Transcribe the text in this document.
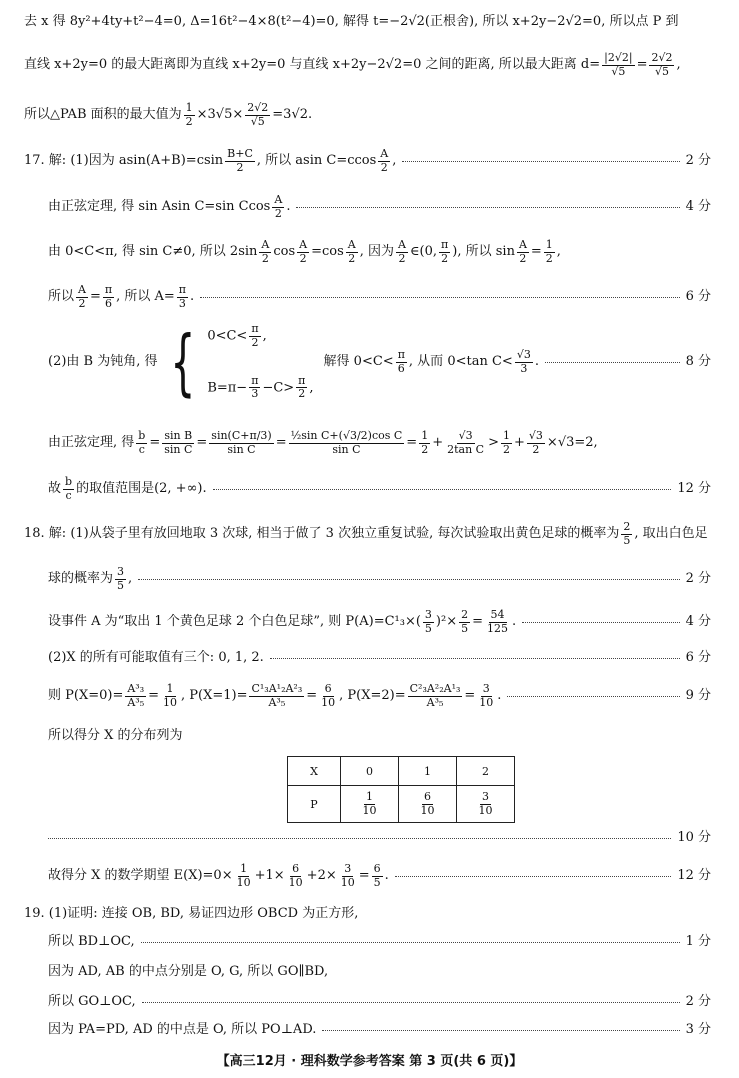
去 x 得 8y²+4ty+t²−4=0, Δ=16t²−4×8(t²−4)=0, 解得 t=−2√2(正根舍), 所以 x+2y−2√2=0, 所以点 P 到
直线 x+2y=0 的最大距离即为直线 x+2y=0 与直线 x+2y−2√2=0 之间的距离, 所以最大距离 $d= \frac{|2√2|}{√5} = \frac{2√2}{√5}$ ,
所以△PAB 面积的最大值为 $\frac{1}{2} \times 3√5\times \frac{2√2}{√5} =3√2$.
17. 解: (1)因为 $asin(A+B)=csin \frac{B+C}{2}$ , 所以 asin $C=ccos \frac{A}{2}$ ,	2 分
由正弦定理, 得 sin Asin C=sin Ccos $\frac{A}{2}$ .	4 分
由 0<C<π, 得 sin C≠0, 所以 $2\sin \frac{A}{2}$ $\cos \frac{A}{2} =\cos \frac{A}{2}$ , 因为 $\frac{A}{2}$ ∈(0, $\frac{\pi}{2}$ ), 所以 $\sin \frac{A}{2} = \frac{1}{2}$ ,
所以 $\frac{A}{2} = \frac{\pi}{6}$ , 所以 $A= \frac{\pi}{3}$ .	6 分
(2)由 B 为钝角, 得 { $0<C< \frac{\pi}{2}$ ,
$B=\pi- \frac{\pi}{3} -C> \frac{\pi}{2}$ ,
解得 $0<C< \frac{\pi}{6}$ , 从而 0<tan $C< \frac{√3}{3}$ .	8 分
由正弦定理, 得 $\frac{b}{c} = \frac{\text{sin B}}{\text{sin C}} = \frac{\sin(C+\pi/3)}{\text{sin C}} = \frac{\text{½sin C+(√3/2)cos C}}{\text{sin C}} = \frac{1}{2} + \frac{√3}{\text{2tan C}} > \frac{1}{2} + \frac{√3}{2} \times√3=2$,
故 $\frac{b}{c}$ 的取值范围是(2, +∞).	12 分
18. 解: (1)从袋子里有放回地取 3 次球, 相当于做了 3 次独立重复试验, 每次试验取出黄色足球的概率为 $\frac{2}{5}$ , 取出白色足
球的概率为 $\frac{3}{5}$ ,	2 分
设事件 A 为“取出 1 个黄色足球 2 个白色足球”, 则 $P(A)=C^1_3\times( \frac{3}{5} )^2\times \frac{2}{5} = \frac{54}{125}$ .	4 分
(2)X 的所有可能取值有三个: 0, 1, 2.	6 分
则 $P(X=0)= \frac{\text{A³₃}}{\text{A³₅}} = \frac{1}{10}$ , $P(X=1)= \frac{\text{C¹₃A¹₂A²₃}}{\text{A³₅}} = \frac{6}{10}$ , $P(X=2)= \frac{\text{C²₃A²₂A¹₃}}{\text{A³₅}} = \frac{3}{10}$ .	9 分
所以得分 X 的分布列为
X	0	1	2
P	$\frac{1}{10}$	$\frac{6}{10}$	$\frac{3}{10}$
10 分
故得分 X 的数学期望 $E(X)=0\times \frac{1}{10} +1\times \frac{6}{10} +2\times \frac{3}{10} = \frac{6}{5}$ .	12 分
19. (1)证明: 连接 OB, BD, 易证四边形 OBCD 为正方形,
所以 BD⊥OC,	1 分
因为 AD, AB 的中点分别是 O, G, 所以 GO∥BD,
所以 GO⊥OC,	2 分
因为 PA=PD, AD 的中点是 O, 所以 PO⊥AD.	3 分
【高三12月 · 理科数学参考答案 第 3 页(共 6 页)】
